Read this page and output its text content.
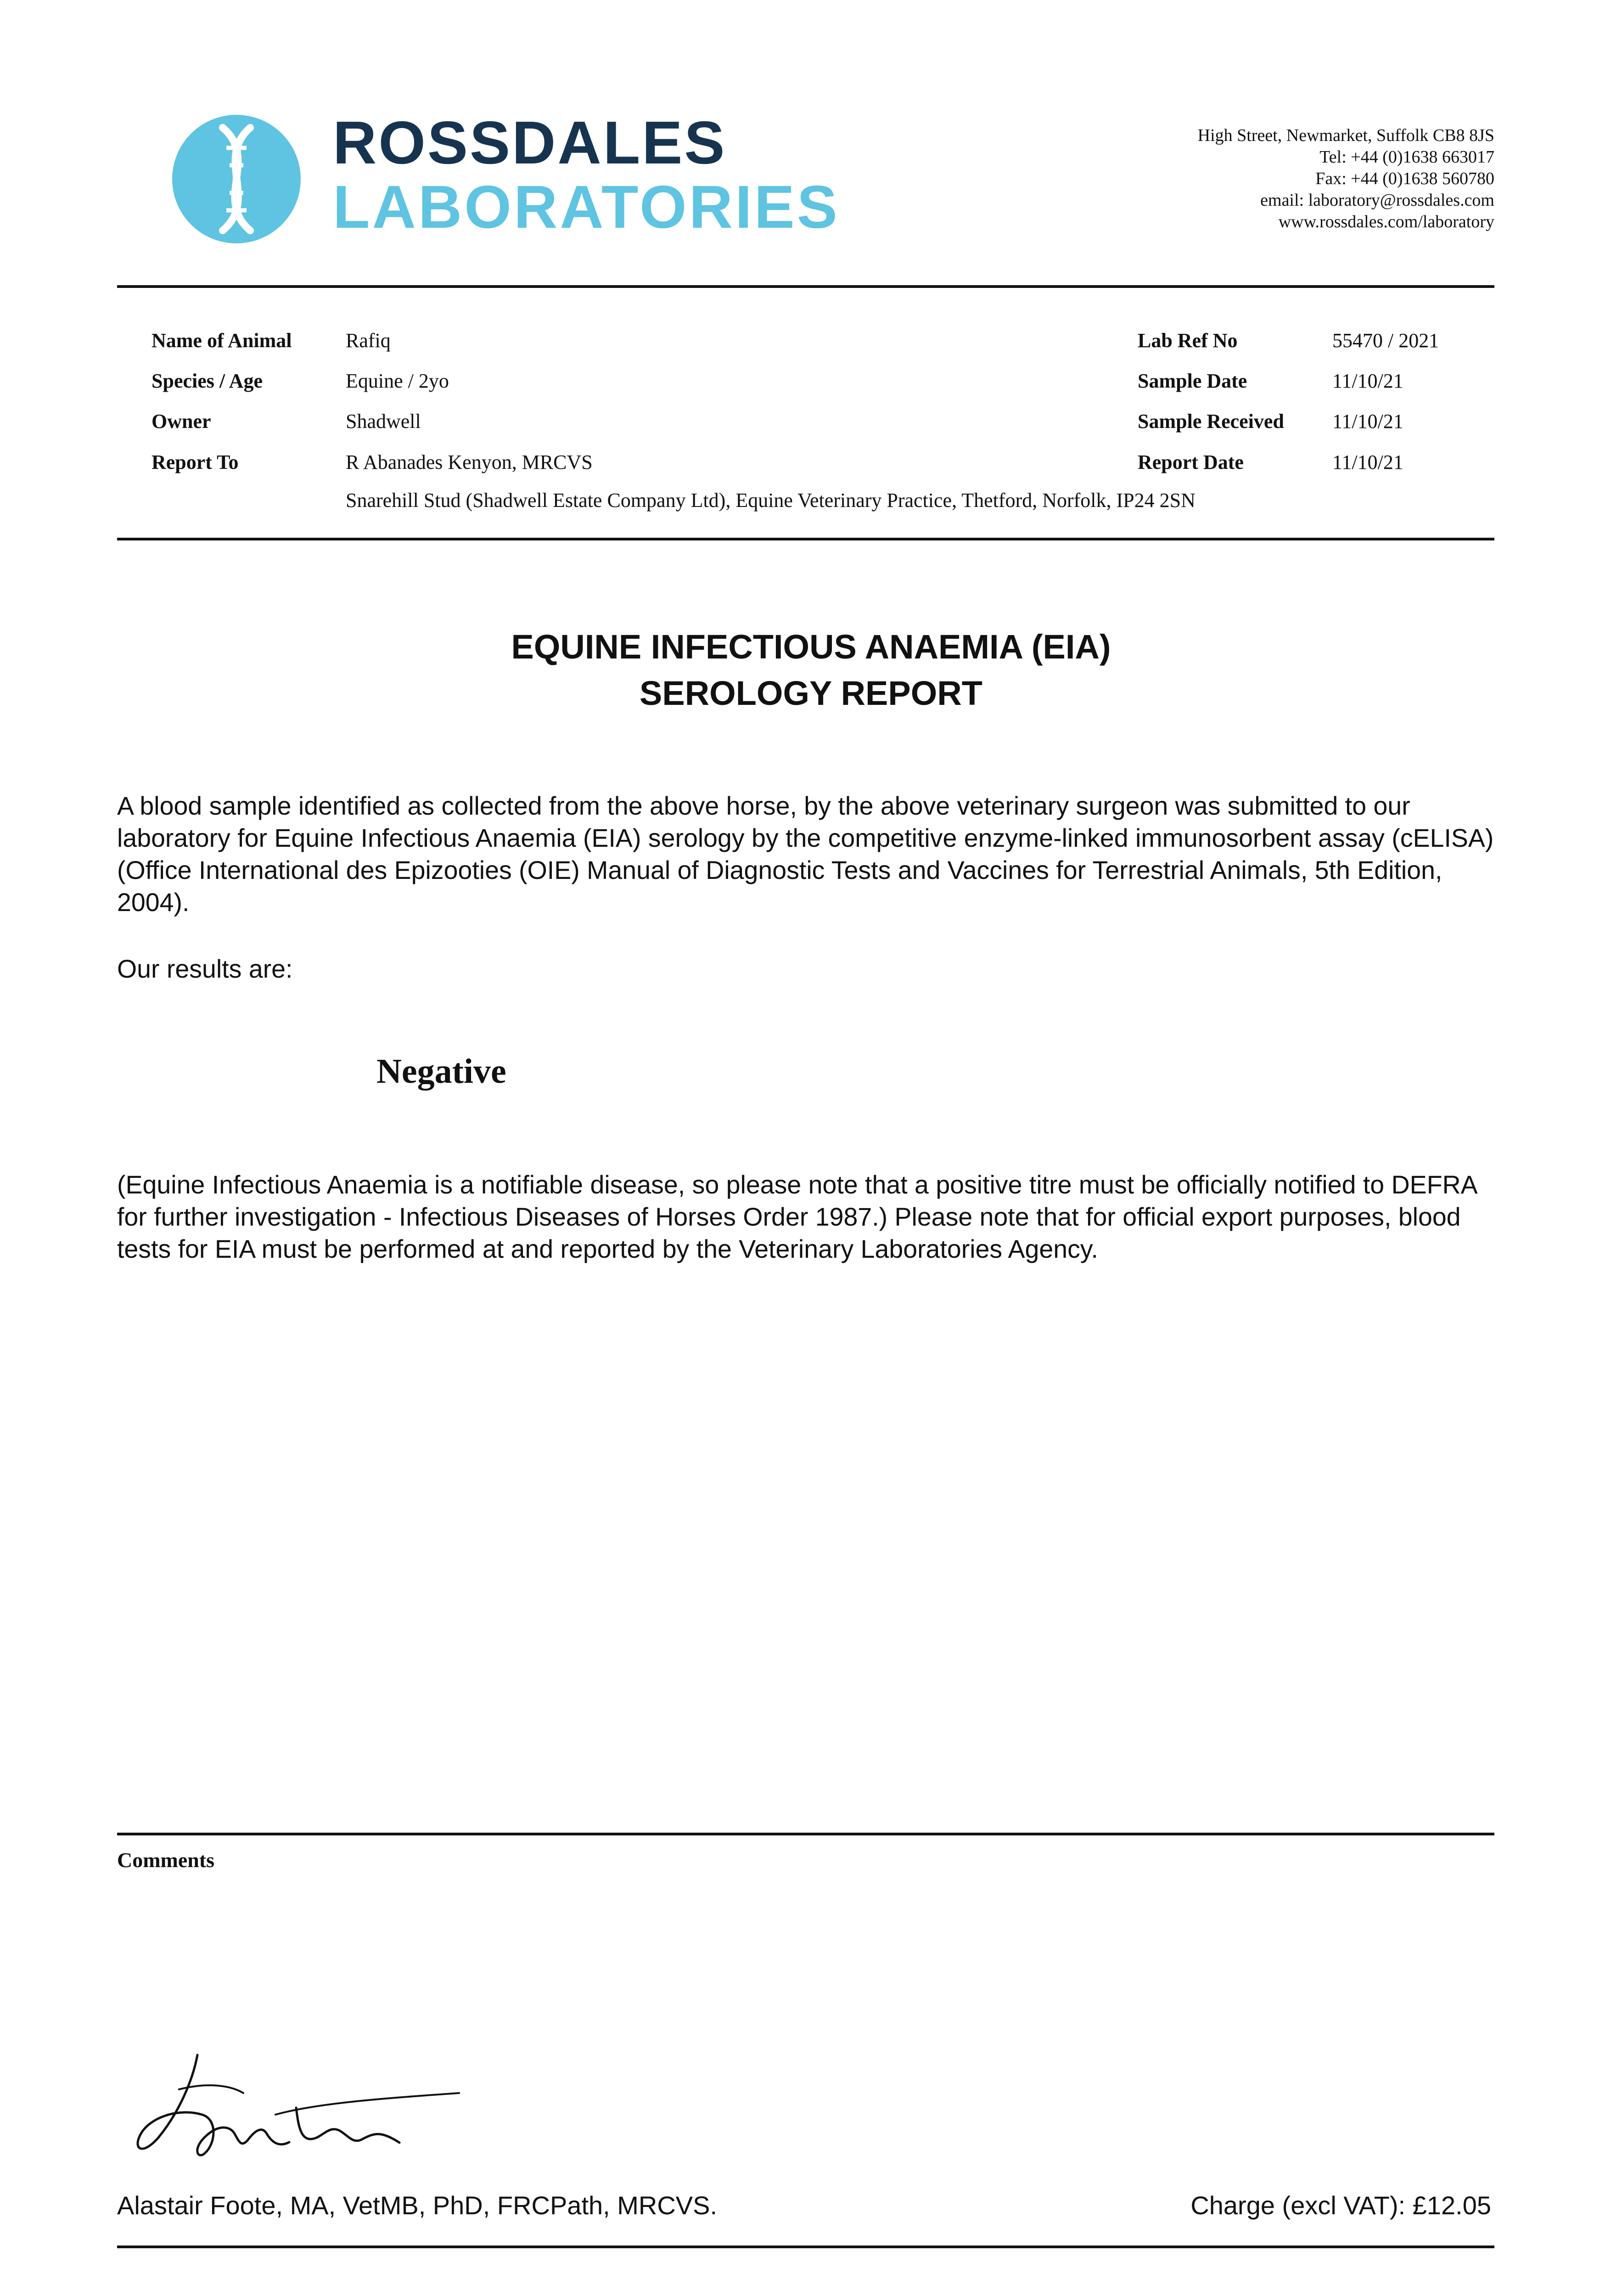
ROSSDALES
LABORATORIES
High Street, Newmarket, Suffolk CB8 8JS
Tel: +44 (0)1638 663017
Fax: +44 (0)1638 560780
email: laboratory@rossdales.com
www.rossdales.com/laboratory
Name of Animal	Rafiq
Species / Age	Equine / 2yo
Owner	Shadwell
Report To	R Abanades Kenyon, MRCVS
Snarehill Stud (Shadwell Estate Company Ltd), Equine Veterinary Practice, Thetford, Norfolk, IP24 2SN
Lab Ref No	55470 / 2021
Sample Date	11/10/21
Sample Received 11/10/21
Report Date	11/10/21
EQUINE INFECTIOUS ANAEMIA (EIA)
SEROLOGY REPORT
A blood sample identified as collected from the above horse, by the above veterinary surgeon was submitted to our laboratory for Equine Infectious Anaemia (EIA) serology by the competitive enzyme-linked immunosorbent assay (cELISA) (Office International des Epizooties (OIE) Manual of Diagnostic Tests and Vaccines for Terrestrial Animals, 5th Edition, 2004).
Our results are:
Negative
(Equine Infectious Anaemia is a notifiable disease, so please note that a positive titre must be officially notified to DEFRA for further investigation - Infectious Diseases of Horses Order 1987.) Please note that for official export purposes, blood tests for EIA must be performed at and reported by the Veterinary Laboratories Agency.
Comments
Alastair Foote, MA, VetMB, PhD, FRCPath, MRCVS.	Charge (excl VAT): £12.05
